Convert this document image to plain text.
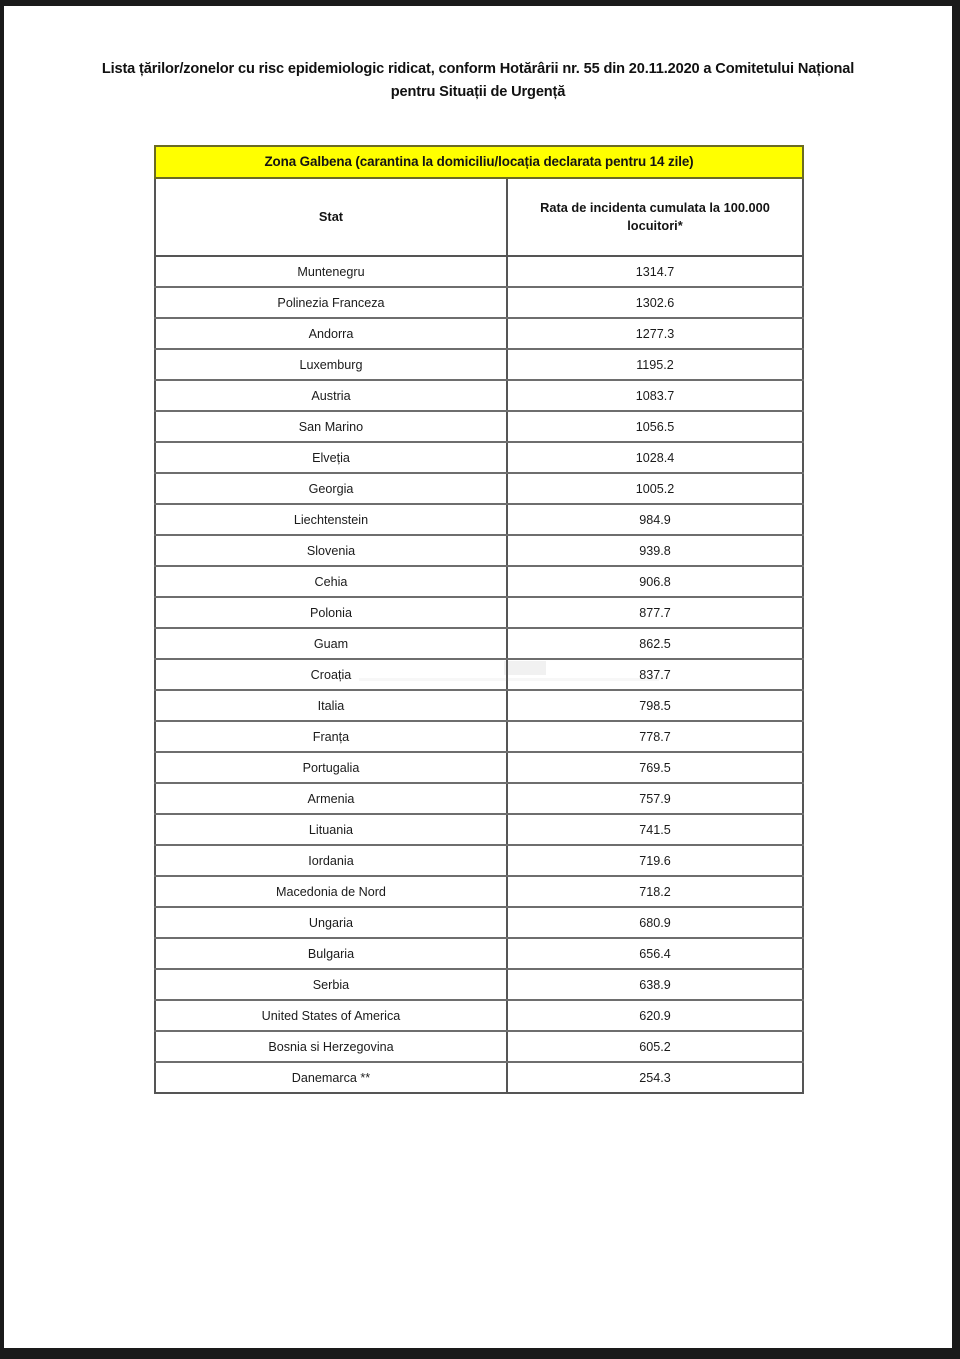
Lista țărilor/zonelor cu risc epidemiologic ridicat, conform Hotărârii nr. 55 din 20.11.2020 a Comitetului Național
pentru Situații de Urgență
Zona Galbena (carantina la domiciliu/locația declarata pentru 14 zile)	
Stat	Rata de incidenta cumulata la 100.000 locuitori*
Muntenegru	1314.7
Polinezia Franceza	1302.6
Andorra	1277.3
Luxemburg	1195.2
Austria	1083.7
San Marino	1056.5
Elveția	1028.4
Georgia	1005.2
Liechtenstein	984.9
Slovenia	939.8
Cehia	906.8
Polonia	877.7
Guam	862.5
Croația	837.7
Italia	798.5
Franța	778.7
Portugalia	769.5
Armenia	757.9
Lituania	741.5
Iordania	719.6
Macedonia de Nord	718.2
Ungaria	680.9
Bulgaria	656.4
Serbia	638.9
United States of America	620.9
Bosnia si Herzegovina	605.2
Danemarca **	254.3
